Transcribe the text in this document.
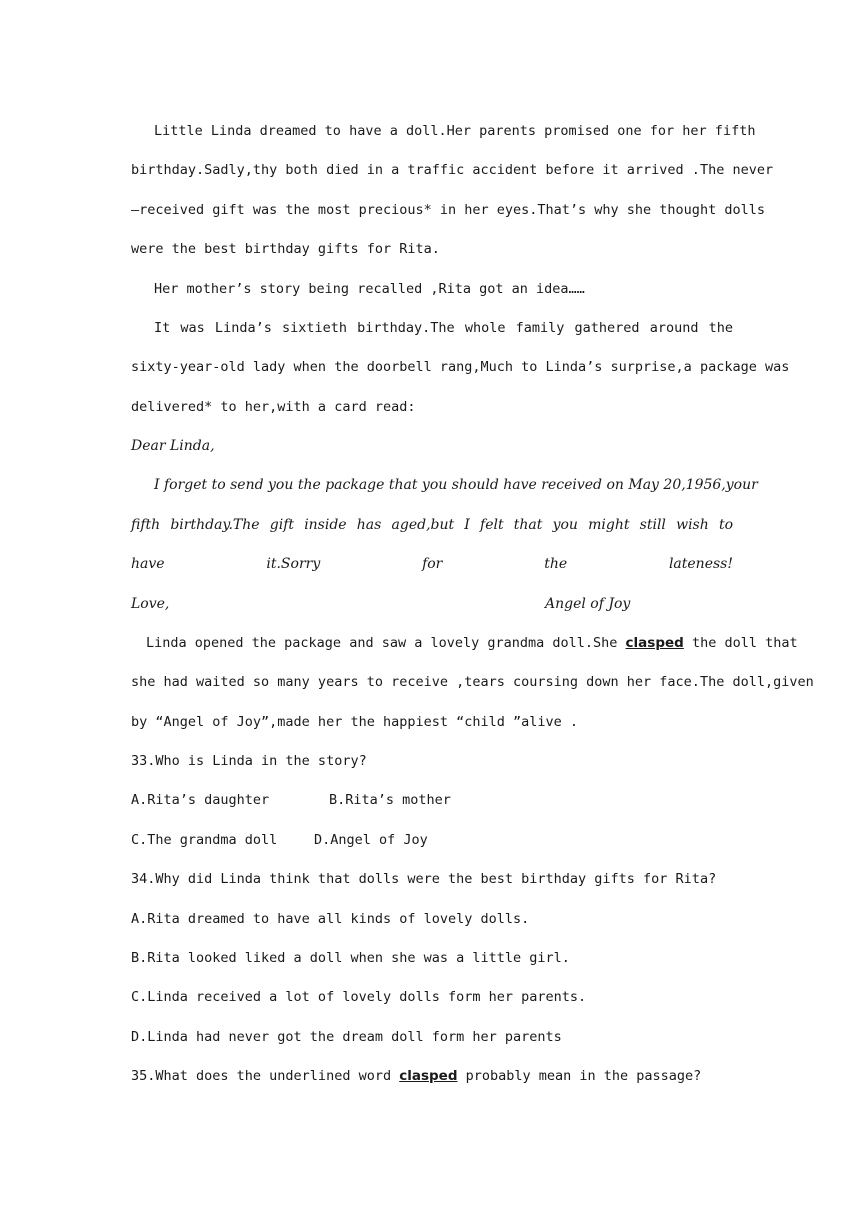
Little Linda dreamed to have a doll.Her parents promised one for her fifth
birthday.Sadly,thy both died in a traffic accident before it arrived .The never
—received gift was the most precious* in her eyes.That’s why she thought dolls
were the best birthday gifts for Rita.
Her mother’s story being recalled ,Rita got an idea……
It was Linda’s sixtieth birthday.The whole family gathered around the
sixty-year-old lady when the doorbell rang,Much to Linda’s surprise,a package was
delivered* to her,with a card read:
Dear Linda,
I forget to send you the package that you should have received on May 20,1956,your
fifth birthday.The gift inside has aged,but I felt that you might still wish to
have	it.Sorry	for	the	lateness!
Love,	Angel of Joy
Linda opened the package and saw a lovely grandma doll.She clasped the doll that
she had waited so many years to receive ,tears coursing down her face.The doll,given
by “Angel of Joy”,made her the happiest “child ”alive .
33.Who is Linda in the story?
A.Rita’s daughter	B.Rita’s mother
C.The grandma doll	D.Angel of Joy
34.Why did Linda think that dolls were the best birthday gifts for Rita?
A.Rita dreamed to have all kinds of lovely dolls.
B.Rita looked liked a doll when she was a little girl.
C.Linda received a lot of lovely dolls form her parents.
D.Linda had never got the dream doll form her parents
35.What does the underlined word clasped probably mean in the passage?
